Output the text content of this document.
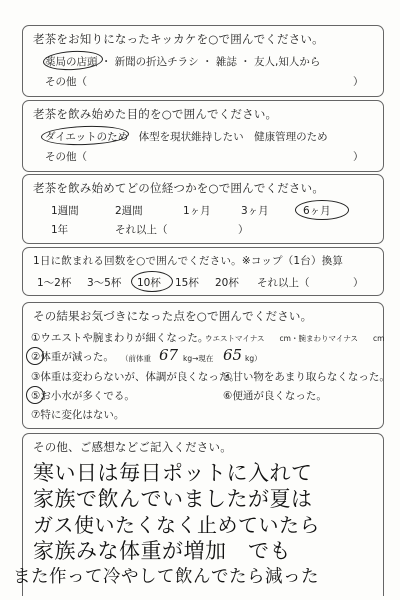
老茶をお知りになったキッカケを○で囲んでください。
薬局の店頭 ・ 新聞の折込チラシ ・ 雑誌 ・ 友人,知人から
その他（	）
老茶を飲み始めた目的を○で囲んでください。
ダイエットのため　体型を現状維持したい　健康管理のため
その他（	）
老茶を飲み始めてどの位経つかを○で囲んでください。
1週間	2週間	1ヶ月	3ヶ月	6ヶ月
1年	それ以上（	）
1日に飲まれる回数を○で囲んでください。※コップ（1台）換算
1～2杯 3～5杯 10杯 15杯 20杯 それ以上（	）
その結果お気づきになった点を○で囲んでください。
①ウエストや腕まわりが細くなった。
ウエストマイナス　　cm・腕まわりマイナス　　cm
②体重が減った。 （前体重 67 kg→現在 65 kg）
③体重は変わらないが、体調が良くなった。
④甘い物をあまり取らなくなった。
⑤お小水が多くでる。	⑥便通が良くなった。
⑦特に変化はない。
その他、ご感想などご記入ください。
寒い日は毎日ポットに入れて
家族で飲んでいましたが夏は
ガス使いたくなく止めていたら
家族みな体重が増加　でも
また作って冷やして飲んでたら減った
